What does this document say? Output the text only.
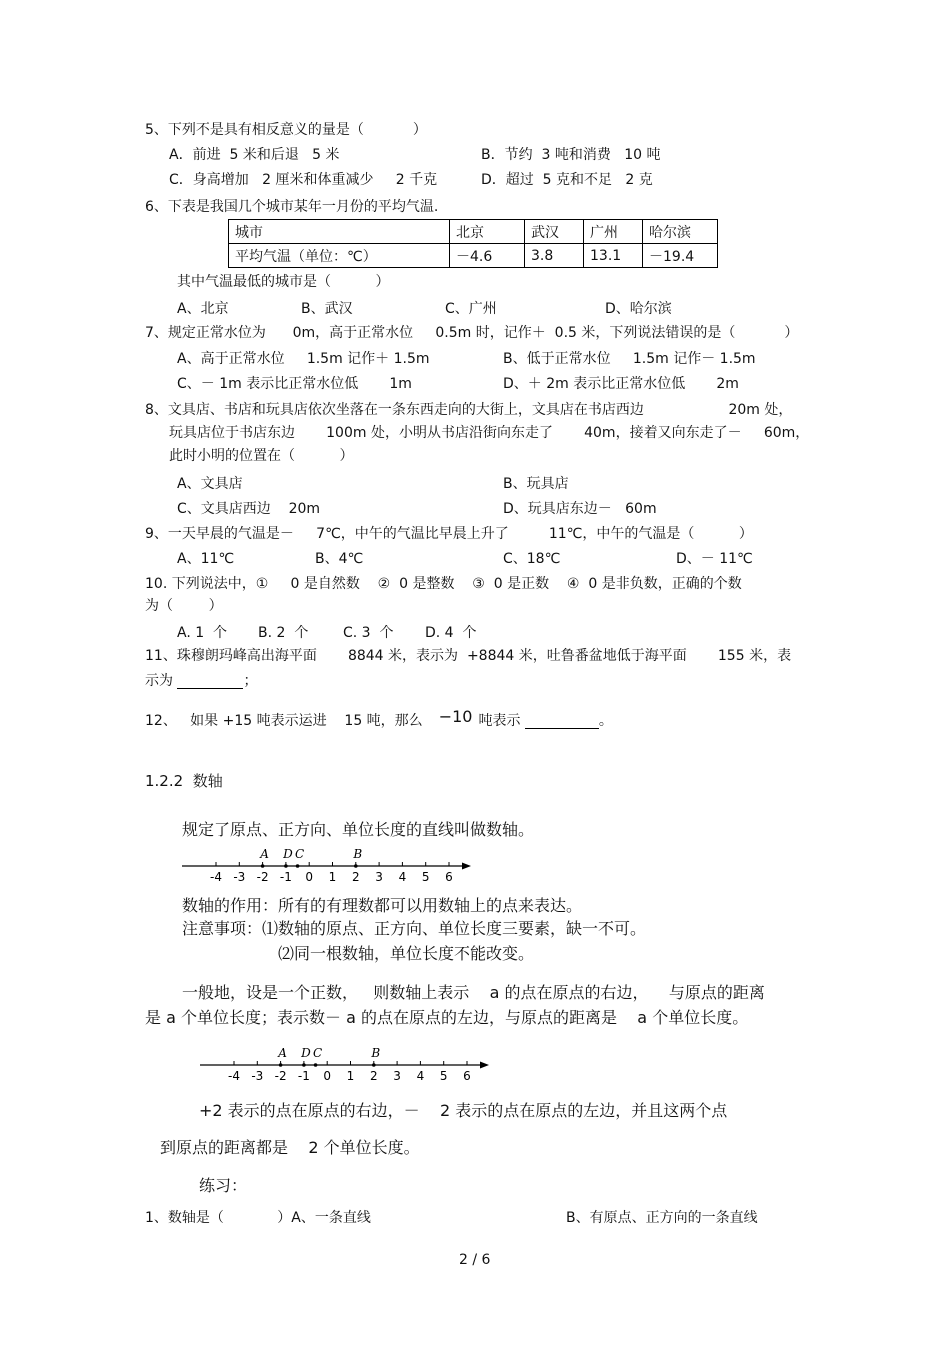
5、下列不是具有相反意义的量是（           ）
A．前进  5 米和后退   5 米	B．节约  3 吨和消费   10 吨
C．身高增加   2 厘米和体重减少     2 千克	D．超过  5 克和不足   2 克
6、下表是我国几个城市某年一月份的平均气温.
城市	北京	武汉	广州	哈尔滨
平均气温（单位：℃）	－4.6	3.8	13.1	－19.4
其中气温最低的城市是（          ）
A、北京	B、武汉	C、广州	D、哈尔滨
7、规定正常水位为      0m，高于正常水位     0.5m 时，记作＋  0.5 米，下列说法错误的是（           ）
A、高于正常水位     1.5m 记作＋ 1.5m	B、低于正常水位     1.5m 记作－ 1.5m
C、－ 1m 表示比正常水位低       1m	D、＋ 2m 表示比正常水位低       2m
8、文具店、书店和玩具店依次坐落在一条东西走向的大街上，文具店在书店西边                   20m 处，
玩具店位于书店东边       100m 处，小明从书店沿街向东走了       40m，接着又向东走了－     60m，
此时小明的位置在（          ）
A、文具店	B、玩具店
C、文具店西边    20m	D、玩具店东边－   60m
9、一天早晨的气温是－     7℃，中午的气温比早晨上升了         11℃，中午的气温是（          ）
A、11℃	B、4℃	C、18℃	D、－ 11℃
10. 下列说法中，①     0 是自然数    ②  0 是整数    ③  0 是正数    ④  0 是非负数，正确的个数
为（        ）
A. 1  个 B. 2  个 C. 3  个 D. 4  个
11、珠穆朗玛峰高出海平面       8844 米，表示为  +8844 米，吐鲁番盆地低于海平面       155 米，表
示为	；
12、   如果 +15 吨表示运进    15 吨，那么 −10 吨表示	。
1.2.2  数轴
规定了原点、正方向、单位长度的直线叫做数轴。
-4 -3 -2 -1 0 1 2 3 4 5 6
A D C	B
数轴的作用：所有的有理数都可以用数轴上的点来表达。
注意事项：⑴数轴的原点、正方向、单位长度三要素，缺一不可。
⑵同一根数轴，单位长度不能改变。
一般地，设是一个正数，   则数轴上表示    a 的点在原点的右边，    与原点的距离
是 a 个单位长度；表示数－ a 的点在原点的左边，与原点的距离是    a 个单位长度。
-4 -3 -2 -1 0 1 2 3 4 5 6
A D C	B
+2 表示的点在原点的右边，－    2 表示的点在原点的左边，并且这两个点
到原点的距离都是    2 个单位长度。
练习：
1、数轴是（            ）A、一条直线	B、有原点、正方向的一条直线
2 / 6
